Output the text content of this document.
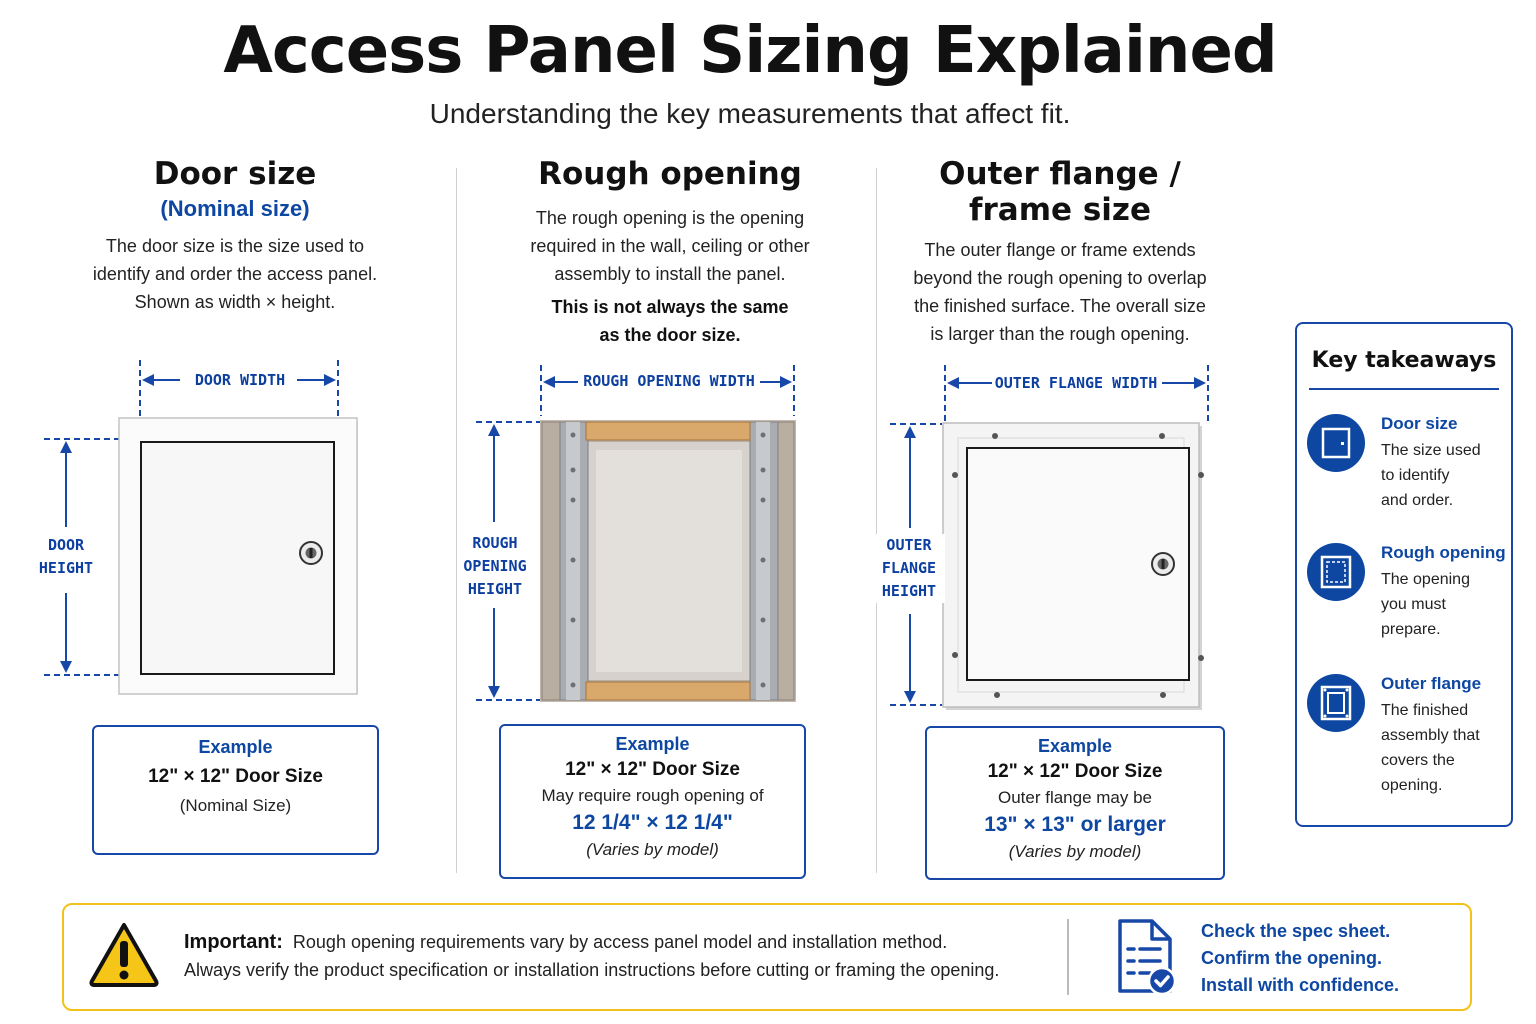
Access Panel Sizing Explained
Understanding the key measurements that affect fit.
Door size
(Nominal size)
The door size is the size used to
identify and order the access panel.
Shown as width × height.
DOOR WIDTH
DOOR
HEIGHT
Example
12" × 12" Door Size
(Nominal Size)
Rough opening
The rough opening is the opening
required in the wall, ceiling or other
assembly to install the panel.
This is not always the same
as the door size.
ROUGH OPENING WIDTH
ROUGH
OPENING
HEIGHT
Example
12" × 12" Door Size
May require rough opening of
12 1/4" × 12 1/4"
(Varies by model)
Outer flange /
frame size
The outer flange or frame extends
beyond the rough opening to overlap
the finished surface. The overall size
is larger than the rough opening.
OUTER FLANGE WIDTH
OUTER
FLANGE
HEIGHT
Example
12" × 12" Door Size
Outer flange may be
13" × 13" or larger
(Varies by model)
Key takeaways
Door size
The size used
to identify
and order.
Rough opening
The opening
you must
prepare.
Outer flange
The finished
assembly that
covers the
opening.
Important: Rough opening requirements vary by access panel model and installation method.
Always verify the product specification or installation instructions before cutting or framing the opening.
Check the spec sheet.
Confirm the opening.
Install with confidence.
